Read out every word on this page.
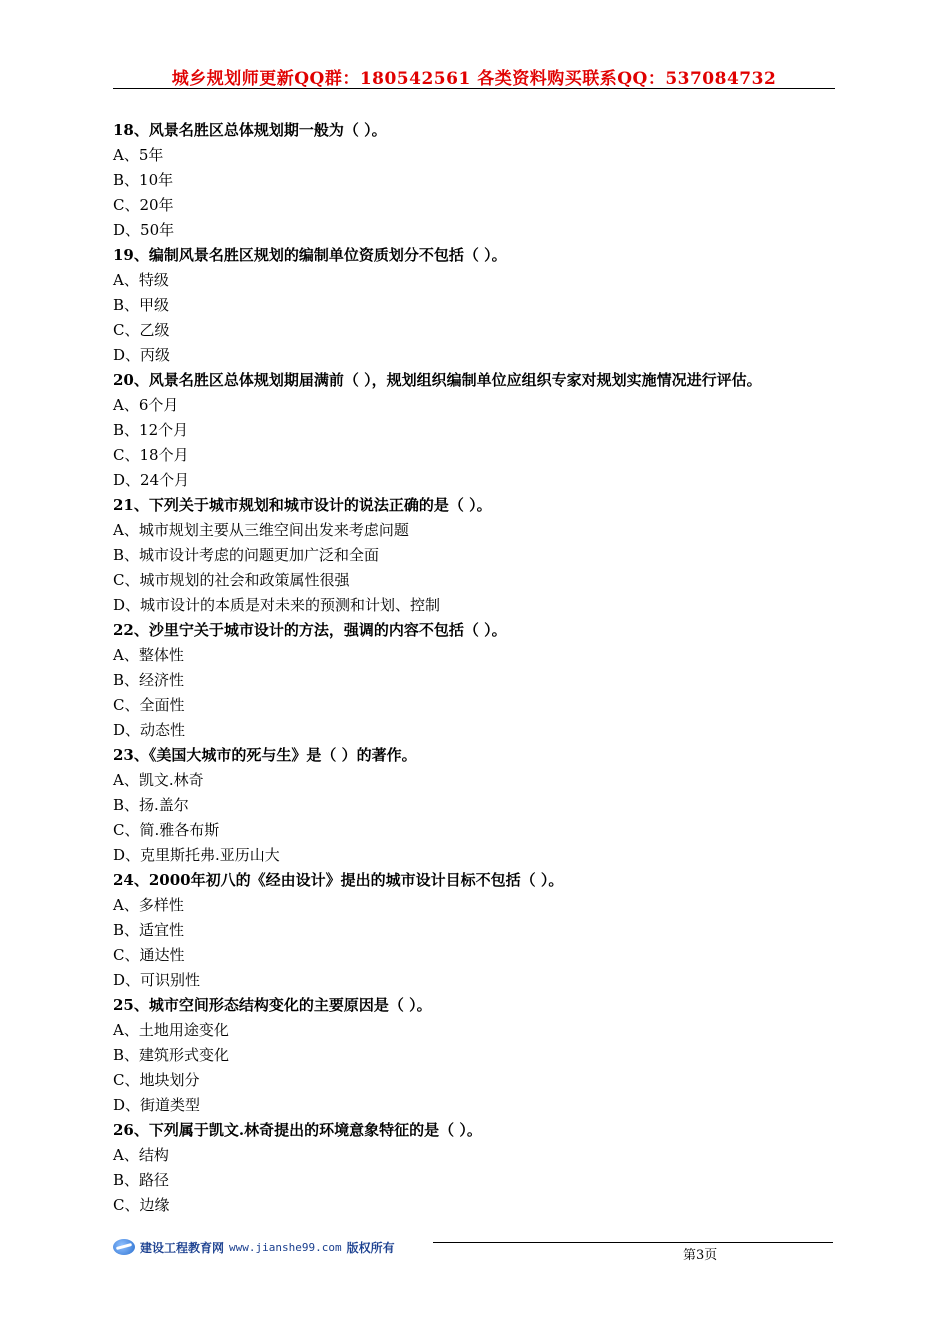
城乡规划师更新QQ群：180542561 各类资料购买联系QQ：537084732
18、风景名胜区总体规划期一般为（ ）。
A、5年
B、10年
C、20年
D、50年
19、编制风景名胜区规划的编制单位资质划分不包括（ ）。
A、特级
B、甲级
C、乙级
D、丙级
20、风景名胜区总体规划期届满前（ ），规划组织编制单位应组织专家对规划实施情况进行评估。
A、6个月
B、12个月
C、18个月
D、24个月
21、下列关于城市规划和城市设计的说法正确的是（ ）。
A、城市规划主要从三维空间出发来考虑问题
B、城市设计考虑的问题更加广泛和全面
C、城市规划的社会和政策属性很强
D、城市设计的本质是对未来的预测和计划、控制
22、沙里宁关于城市设计的方法，强调的内容不包括（ ）。
A、整体性
B、经济性
C、全面性
D、动态性
23、《美国大城市的死与生》是（ ）的著作。
A、凯文.林奇
B、扬.盖尔
C、简.雅各布斯
D、克里斯托弗.亚历山大
24、2000年初八的《经由设计》提出的城市设计目标不包括（ ）。
A、多样性
B、适宜性
C、通达性
D、可识别性
25、城市空间形态结构变化的主要原因是（ ）。
A、土地用途变化
B、建筑形式变化
C、地块划分
D、街道类型
26、下列属于凯文.林奇提出的环境意象特征的是（ ）。
A、结构
B、路径
C、边缘
建设工程教育网 www.jianshe99.com 版权所有
第3页
